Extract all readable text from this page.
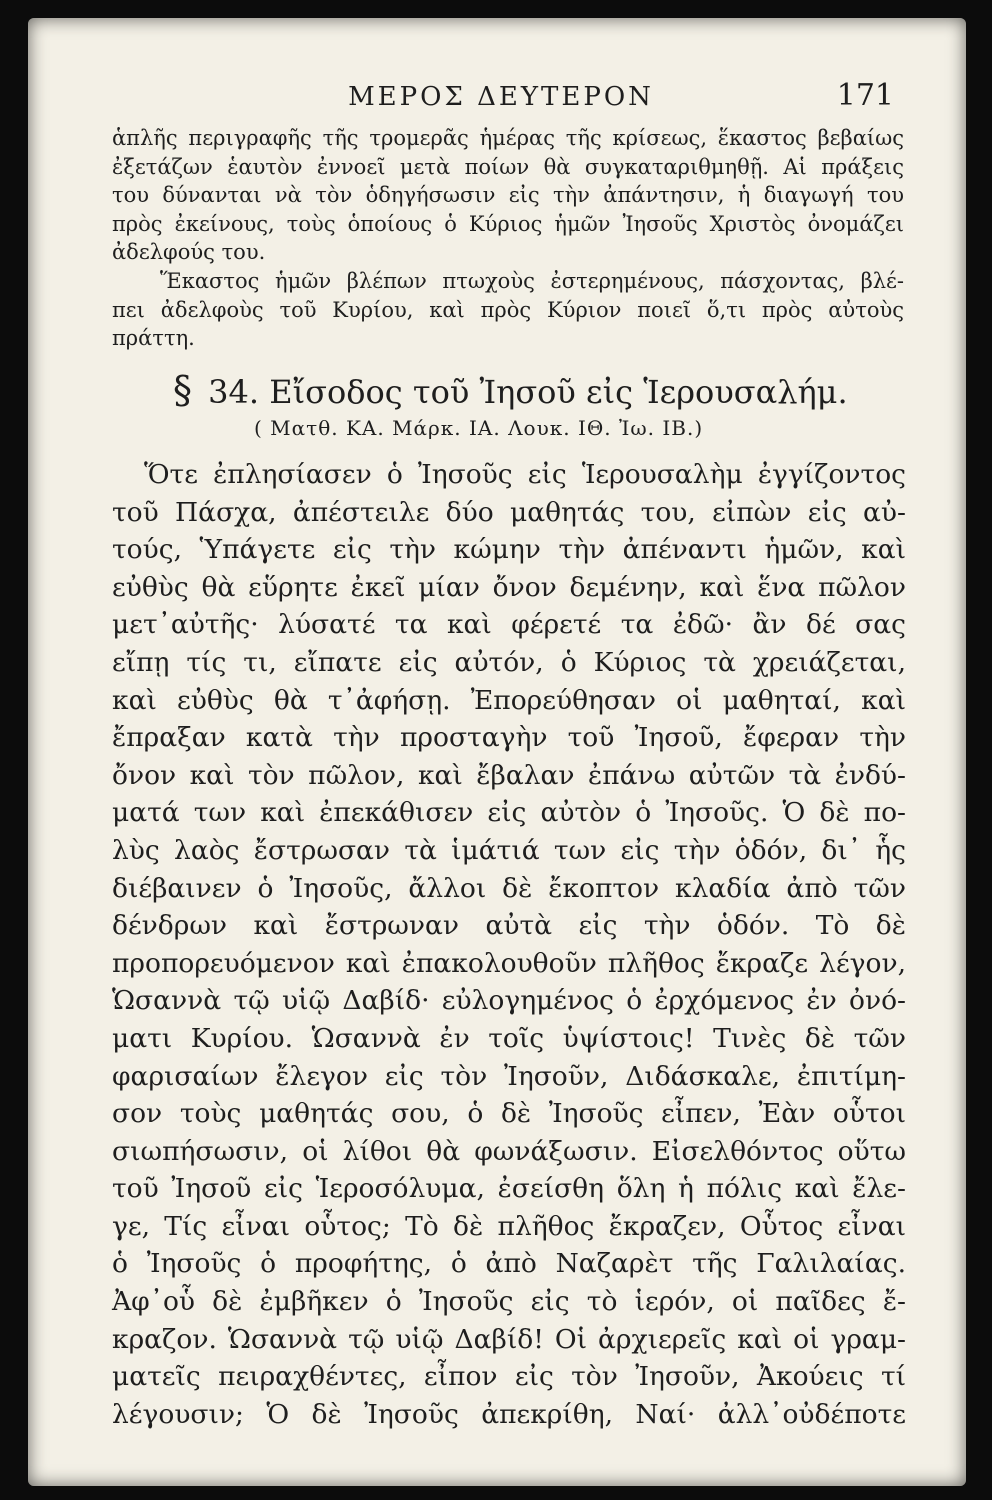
ΜΕΡΟΣ ΔΕΥΤΕΡΟΝ	171

ἁπλῆς περιγραφῆς τῆς τρομερᾶς ἡμέρας τῆς κρίσεως, ἕκαστος βεβαίως

ἐξετάζων ἑαυτὸν ἐννοεῖ μετὰ ποίων θὰ συγκαταριθμηθῇ. Αἱ πράξεις

του δύνανται νὰ τὸν ὁδηγήσωσιν εἰς τὴν ἀπάντησιν, ἡ διαγωγή του

πρὸς ἐκείνους, τοὺς ὁποίους ὁ Κύριος ἡμῶν Ἰησοῦς Χριστὸς ὀνομάζει

ἀδελφούς του.

Ἕκαστος ἡμῶν βλέπων πτωχοὺς ἐστερημένους, πάσχοντας, βλέ-

πει ἀδελφοὺς τοῦ Κυρίου, καὶ πρὸς Κύριον ποιεῖ ὅ,τι πρὸς αὐτοὺς

πράττη.

§ 34. Εἴσοδος τοῦ Ἰησοῦ εἰς Ἱερουσαλήμ.
( Ματθ. ΚΑ. Μάρκ. ΙΑ. Λουκ. ΙΘ. Ἰω. ΙΒ.)
Ὅτε ἐπλησίασεν ὁ Ἰησοῦς εἰς Ἱερουσαλὴμ ἐγγίζοντος
τοῦ Πάσχα, ἀπέστειλε δύο μαθητάς του, εἰπὼν εἰς αὐ-
τούς, Ὑπάγετε εἰς τὴν κώμην τὴν ἀπέναντι ἡμῶν, καὶ
εὐθὺς θὰ εὕρητε ἐκεῖ μίαν ὄνον δεμένην, καὶ ἕνα πῶλον
μετ᾽αὐτῆς· λύσατέ τα καὶ φέρετέ τα ἐδῶ· ἂν δέ σας
εἴπῃ τίς τι, εἴπατε εἰς αὐτόν, ὁ Κύριος τὰ χρειάζεται,
καὶ εὐθὺς θὰ τ᾽ἀφήσῃ. Ἐπορεύθησαν οἱ μαθηταί, καὶ
ἔπραξαν κατὰ τὴν προσταγὴν τοῦ Ἰησοῦ, ἔφεραν τὴν
ὄνον καὶ τὸν πῶλον, καὶ ἔβαλαν ἐπάνω αὐτῶν τὰ ἐνδύ-
ματά των καὶ ἐπεκάθισεν εἰς αὐτὸν ὁ Ἰησοῦς. Ὁ δὲ πο-
λὺς λαὸς ἔστρωσαν τὰ ἱμάτιά των εἰς τὴν ὁδόν, δι᾽ ἧς
διέβαινεν ὁ Ἰησοῦς, ἄλλοι δὲ ἔκοπτον κλαδία ἀπὸ τῶν
δένδρων καὶ ἔστρωναν αὐτὰ εἰς τὴν ὁδόν. Τὸ δὲ
προπορευόμενον καὶ ἐπακολουθοῦν πλῆθος ἔκραζε λέγον,
Ὡσαννὰ τῷ υἱῷ Δαβίδ· εὐλογημένος ὁ ἐρχόμενος ἐν ὀνό-
ματι Κυρίου. Ὡσαννὰ ἐν τοῖς ὑψίστοις! Τινὲς δὲ τῶν
φαρισαίων ἔλεγον εἰς τὸν Ἰησοῦν, Διδάσκαλε, ἐπιτίμη-
σον τοὺς μαθητάς σου, ὁ δὲ Ἰησοῦς εἶπεν, Ἐὰν οὗτοι
σιωπήσωσιν, οἱ λίθοι θὰ φωνάξωσιν. Εἰσελθόντος οὕτω
τοῦ Ἰησοῦ εἰς Ἱεροσόλυμα, ἐσείσθη ὅλη ἡ πόλις καὶ ἔλε-
γε, Τίς εἶναι οὗτος; Τὸ δὲ πλῆθος ἔκραζεν, Οὗτος εἶναι
ὁ Ἰησοῦς ὁ προφήτης, ὁ ἀπὸ Ναζαρὲτ τῆς Γαλιλαίας.
Ἀφ᾽οὗ δὲ ἐμβῆκεν ὁ Ἰησοῦς εἰς τὸ ἱερόν, οἱ παῖδες ἔ-
κραζον. Ὡσαννὰ τῷ υἱῷ Δαβίδ! Οἱ ἀρχιερεῖς καὶ οἱ γραμ-
ματεῖς πειραχθέντες, εἶπον εἰς τὸν Ἰησοῦν, Ἀκούεις τί
λέγουσιν; Ὁ δὲ Ἰησοῦς ἀπεκρίθη, Ναί· ἀλλ᾽οὐδέποτε
